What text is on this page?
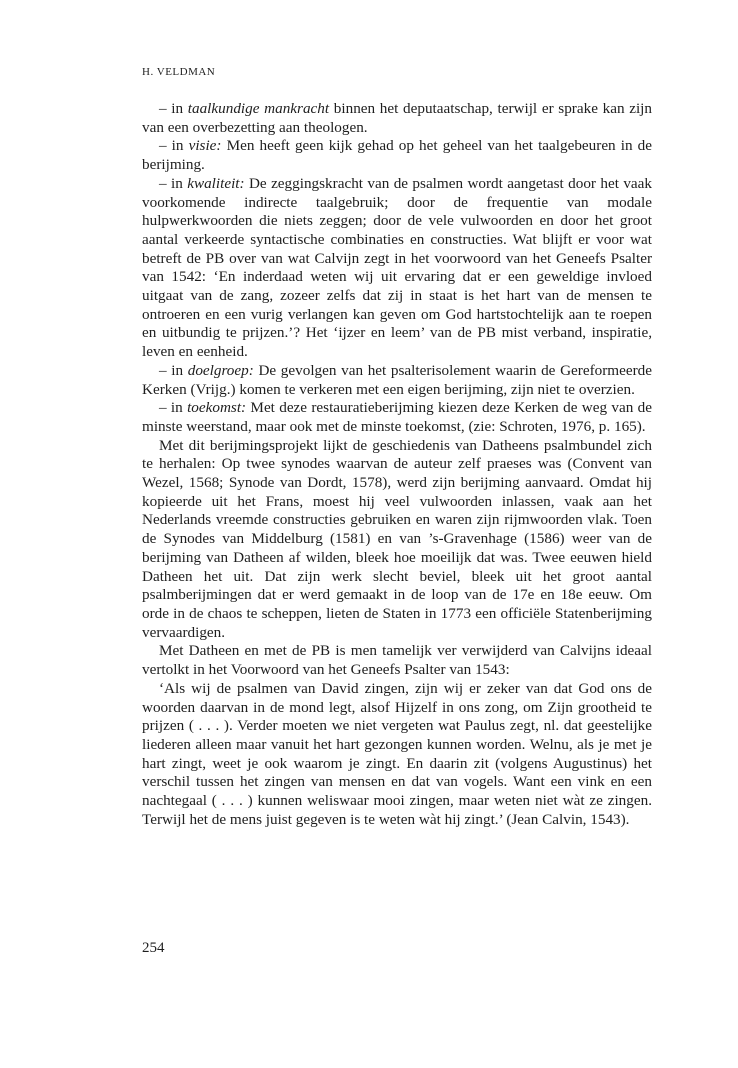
H. VELDMAN

– in taalkundige mankracht binnen het deputaatschap, terwijl er sprake kan zijn van een overbezetting aan theologen.

– in visie: Men heeft geen kijk gehad op het geheel van het taalgebeuren in de berijming.

– in kwaliteit: De zeggingskracht van de psalmen wordt aangetast door het vaak voorkomende indirecte taalgebruik; door de frequentie van modale hulpwerkwoorden die niets zeggen; door de vele vulwoorden en door het groot aantal verkeerde syntactische combinaties en constructies. Wat blijft er voor wat betreft de PB over van wat Calvijn zegt in het voorwoord van het Geneefs Psalter van 1542: ‘En inderdaad weten wij uit ervaring dat er een geweldige invloed uitgaat van de zang, zozeer zelfs dat zij in staat is het hart van de mensen te ontroeren en een vurig verlangen kan geven om God hartstochtelijk aan te roepen en uitbundig te prijzen.’? Het ‘ijzer en leem’ van de PB mist verband, inspiratie, leven en eenheid.

– in doelgroep: De gevolgen van het psalterisolement waarin de Gereformeerde Kerken (Vrijg.) komen te verkeren met een eigen berijming, zijn niet te overzien.

– in toekomst: Met deze restauratieberijming kiezen deze Kerken de weg van de minste weerstand, maar ook met de minste toekomst, (zie: Schroten, 1976, p. 165).

Met dit berijmingsprojekt lijkt de geschiedenis van Datheens psalmbundel zich te herhalen: Op twee synodes waarvan de auteur zelf praeses was (Convent van Wezel, 1568; Synode van Dordt, 1578), werd zijn berijming aanvaard. Omdat hij kopieerde uit het Frans, moest hij veel vulwoorden inlassen, vaak aan het Nederlands vreemde constructies gebruiken en waren zijn rijmwoorden vlak. Toen de Synodes van Middelburg (1581) en van ’s-Gravenhage (1586) weer van de berijming van Datheen af wilden, bleek hoe moeilijk dat was. Twee eeuwen hield Datheen het uit. Dat zijn werk slecht beviel, bleek uit het groot aantal psalmberijmingen dat er werd gemaakt in de loop van de 17e en 18e eeuw. Om orde in de chaos te scheppen, lieten de Staten in 1773 een officiële Statenberijming vervaardigen.

Met Datheen en met de PB is men tamelijk ver verwijderd van Calvijns ideaal vertolkt in het Voorwoord van het Geneefs Psalter van 1543:

‘Als wij de psalmen van David zingen, zijn wij er zeker van dat God ons de woorden daarvan in de mond legt, alsof Hijzelf in ons zong, om Zijn grootheid te prijzen ( . . . ). Verder moeten we niet vergeten wat Paulus zegt, nl. dat geestelijke liederen alleen maar vanuit het hart gezongen kunnen worden. Welnu, als je met je hart zingt, weet je ook waarom je zingt. En daarin zit (volgens Augustinus) het verschil tussen het zingen van mensen en dat van vogels. Want een vink en een nachtegaal ( . . . ) kunnen weliswaar mooi zingen, maar weten niet wàt ze zingen. Terwijl het de mens juist gegeven is te weten wàt hij zingt.’ (Jean Calvin, 1543).

254
